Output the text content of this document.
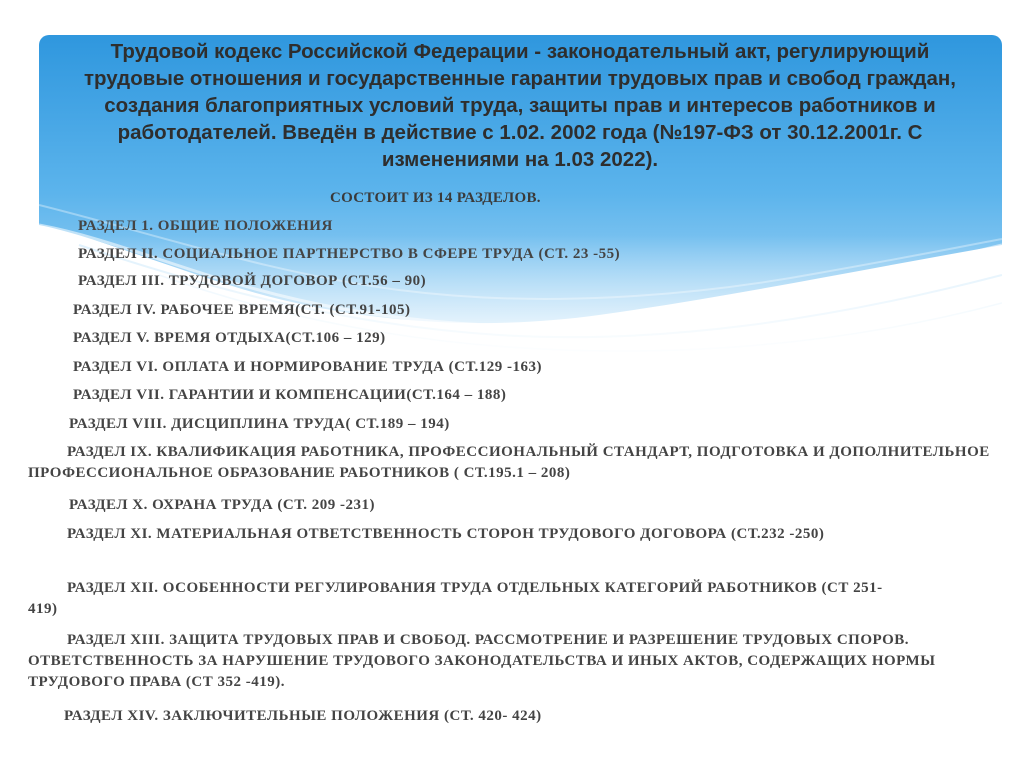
Трудовой кодекс Российской Федерации - законодательный акт, регулирующий трудовые отношения и государственные гарантии трудовых прав и свобод граждан, создания благоприятных условий труда, защиты прав и интересов работников и работодателей. Введён в действие с 1.02. 2002 года (№197-ФЗ от 30.12.2001г. С изменениями на 1.03 2022).
СОСТОИТ ИЗ 14 РАЗДЕЛОВ.
РАЗДЕЛ 1. ОБЩИЕ ПОЛОЖЕНИЯ
РАЗДЕЛ II. СОЦИАЛЬНОЕ ПАРТНЕРСТВО В СФЕРЕ ТРУДА (СТ. 23 -55)
РАЗДЕЛ III. ТРУДОВОЙ ДОГОВОР (СТ.56 – 90)
РАЗДЕЛ IV. РАБОЧЕЕ ВРЕМЯ(СТ. (СТ.91-105)
РАЗДЕЛ V. ВРЕМЯ ОТДЫХА(СТ.106 – 129)
РАЗДЕЛ VI. ОПЛАТА И НОРМИРОВАНИЕ ТРУДА (СТ.129 -163)
РАЗДЕЛ VII. ГАРАНТИИ И КОМПЕНСАЦИИ(СТ.164 – 188)
РАЗДЕЛ VIII. ДИСЦИПЛИНА ТРУДА( СТ.189 – 194)
РАЗДЕЛ IX. КВАЛИФИКАЦИЯ РАБОТНИКА, ПРОФЕССИОНАЛЬНЫЙ СТАНДАРТ, ПОДГОТОВКА И ДОПОЛНИТЕЛЬНОЕ ПРОФЕССИОНАЛЬНОЕ ОБРАЗОВАНИЕ РАБОТНИКОВ ( СТ.195.1 – 208)
РАЗДЕЛ X. ОХРАНА ТРУДА (СТ. 209 -231)
РАЗДЕЛ XI. МАТЕРИАЛЬНАЯ ОТВЕТСТВЕННОСТЬ СТОРОН ТРУДОВОГО ДОГОВОРА (СТ.232 -250)
РАЗДЕЛ XII. ОСОБЕННОСТИ РЕГУЛИРОВАНИЯ ТРУДА ОТДЕЛЬНЫХ КАТЕГОРИЙ РАБОТНИКОВ (СТ 251- 419)
РАЗДЕЛ XIII. ЗАЩИТА ТРУДОВЫХ ПРАВ И СВОБОД. РАССМОТРЕНИЕ И РАЗРЕШЕНИЕ ТРУДОВЫХ СПОРОВ. ОТВЕТСТВЕННОСТЬ ЗА НАРУШЕНИЕ ТРУДОВОГО ЗАКОНОДАТЕЛЬСТВА И ИНЫХ АКТОВ, СОДЕРЖАЩИХ НОРМЫ ТРУДОВОГО ПРАВА (СТ 352 -419).
РАЗДЕЛ XIV. ЗАКЛЮЧИТЕЛЬНЫЕ ПОЛОЖЕНИЯ (СТ. 420- 424)
